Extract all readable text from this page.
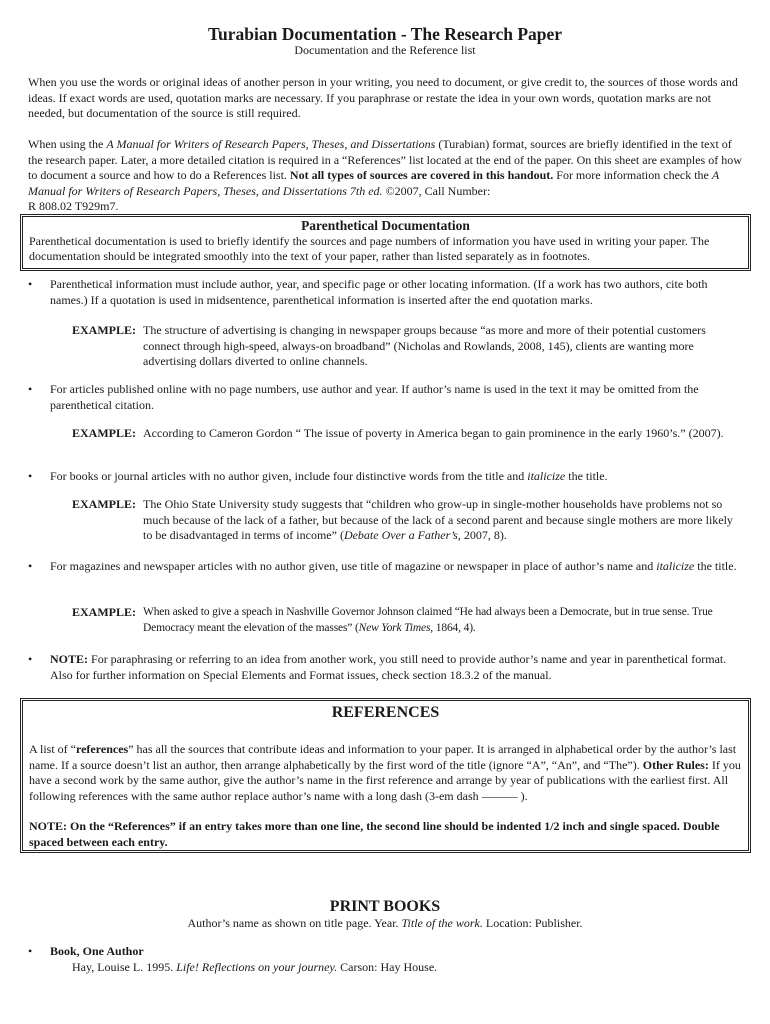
Turabian Documentation - The Research Paper
Documentation and the Reference list
When you use the words or original ideas of another person in your writing, you need to document, or give credit to, the sources of those words and ideas. If exact words are used, quotation marks are necessary. If you paraphrase or restate the idea in your own words, quotation marks are not needed, but documentation of the source is still required.
When using the A Manual for Writers of Research Papers, Theses, and Dissertations (Turabian) format, sources are briefly identified in the text of the research paper. Later, a more detailed citation is required in a “References” list located at the end of the paper. On this sheet are examples of how to document a source and how to do a References list. Not all types of sources are covered in this handout. For more information check the A Manual for Writers of Research Papers, Theses, and Dissertations 7th ed. ©2007, Call Number:
R 808.02 T929m7.
Parenthetical Documentation
Parenthetical documentation is used to briefly identify the sources and page numbers of information you have used in writing your paper. The documentation should be integrated smoothly into the text of your paper, rather than listed separately as in footnotes.
• Parenthetical information must include author, year, and specific page or other locating information. (If a work has two authors, cite both names.) If a quotation is used in midsentence, parenthetical information is inserted after the end quotation marks.
EXAMPLE: The structure of advertising is changing in newspaper groups because “as more and more of their potential customers connect through high-speed, always-on broadband” (Nicholas and Rowlands, 2008, 145), clients are wanting more advertising dollars diverted to online channels.
• For articles published online with no page numbers, use author and year. If author’s name is used in the text it may be omitted from the parenthetical citation.
EXAMPLE: According to Cameron Gordon “ The issue of poverty in America began to gain prominence in the early 1960’s.” (2007).
• For books or journal articles with no author given, include four distinctive words from the title and italicize the title.
EXAMPLE: The Ohio State University study suggests that “children who grow-up in single-mother households have problems not so much because of the lack of a father, but because of the lack of a second parent and because single mothers are more likely to be disadvantaged in terms of income” (Debate Over a Father’s, 2007, 8).
• For magazines and newspaper articles with no author given, use title of magazine or newspaper in place of author’s name and italicize the title.
EXAMPLE: When asked to give a speach in Nashville Governor Johnson claimed “He had always been a Democrate, but in true sense. True Democracy meant the elevation of the masses” (New York Times, 1864, 4).
• NOTE: For paraphrasing or referring to an idea from another work, you still need to provide author’s name and year in parenthetical format. Also for further information on Special Elements and Format issues, check section 18.3.2 of the manual.
REFERENCES
A list of “references” has all the sources that contribute ideas and information to your paper. It is arranged in alphabetical order by the author’s last name. If a source doesn’t list an author, then arrange alphabetically by the first word of the title (ignore “A”, “An”, and “The”). Other Rules: If you have a second work by the same author, give the author’s name in the first reference and arrange by year of publications with the earliest first. All following references with the same author replace author’s name with a long dash (3-em dash ——— ).
NOTE: On the “References” if an entry takes more than one line, the second line should be indented 1/2 inch and single spaced. Double spaced between each entry.
PRINT BOOKS
Author’s name as shown on title page. Year. Title of the work. Location: Publisher.
• Book, One Author
Hay, Louise L. 1995. Life! Reflections on your journey. Carson: Hay House.
